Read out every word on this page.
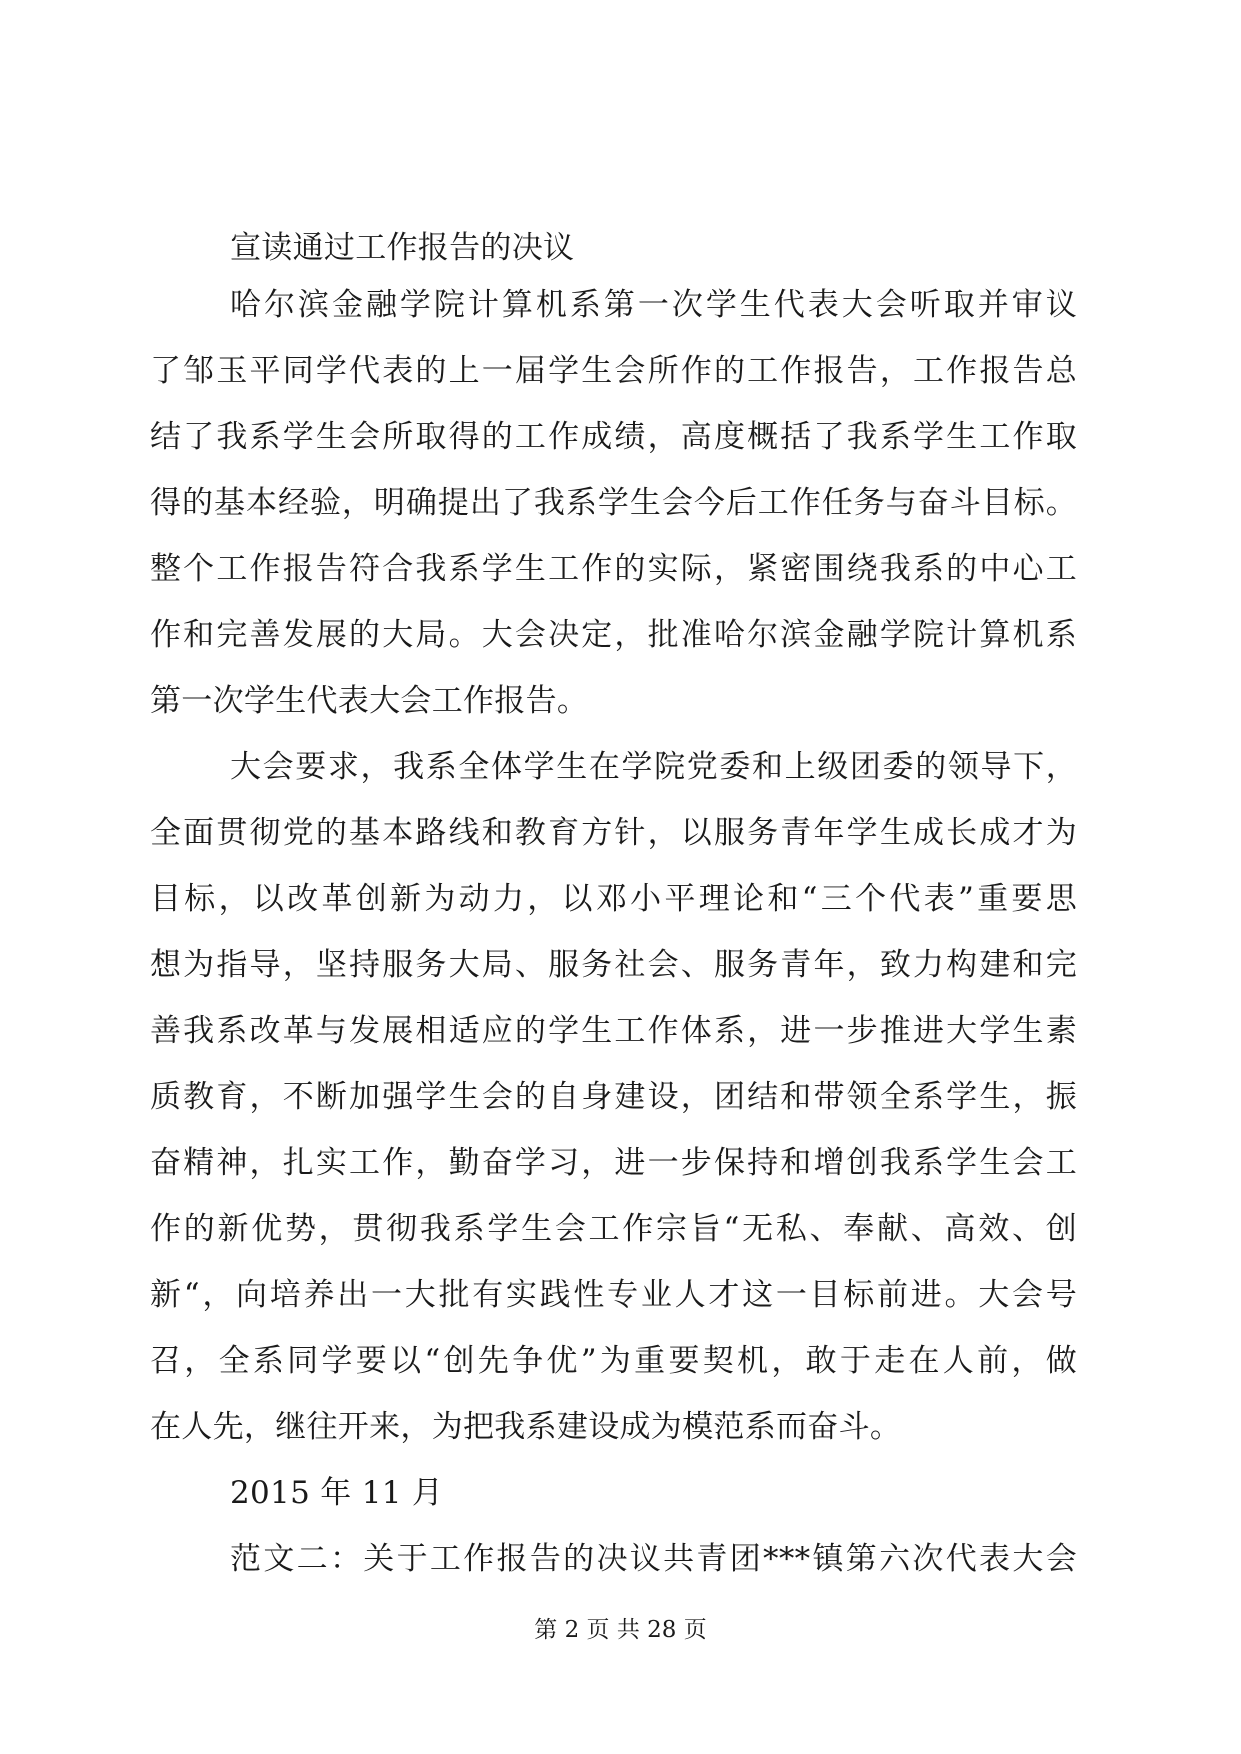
宣读通过工作报告的决议
哈尔滨金融学院计算机系第一次学生代表大会听取并审议
了邹玉平同学代表的上一届学生会所作的工作报告，工作报告总
结了我系学生会所取得的工作成绩，高度概括了我系学生工作取
得的基本经验，明确提出了我系学生会今后工作任务与奋斗目标。
整个工作报告符合我系学生工作的实际，紧密围绕我系的中心工
作和完善发展的大局。大会决定，批准哈尔滨金融学院计算机系
第一次学生代表大会工作报告。
大会要求，我系全体学生在学院党委和上级团委的领导下，
全面贯彻党的基本路线和教育方针，以服务青年学生成长成才为
目标，以改革创新为动力，以邓小平理论和“三个代表”重要思
想为指导，坚持服务大局、服务社会、服务青年，致力构建和完
善我系改革与发展相适应的学生工作体系，进一步推进大学生素
质教育，不断加强学生会的自身建设，团结和带领全系学生，振
奋精神，扎实工作，勤奋学习，进一步保持和增创我系学生会工
作的新优势，贯彻我系学生会工作宗旨“无私、奉献、高效、创
新“，向培养出一大批有实践性专业人才这一目标前进。大会号
召，全系同学要以“创先争优”为重要契机，敢于走在人前，做
在人先，继往开来，为把我系建设成为模范系而奋斗。
2015 年 11 月
范文二：关于工作报告的决议共青团***镇第六次代表大会
第 2 页 共 28 页
